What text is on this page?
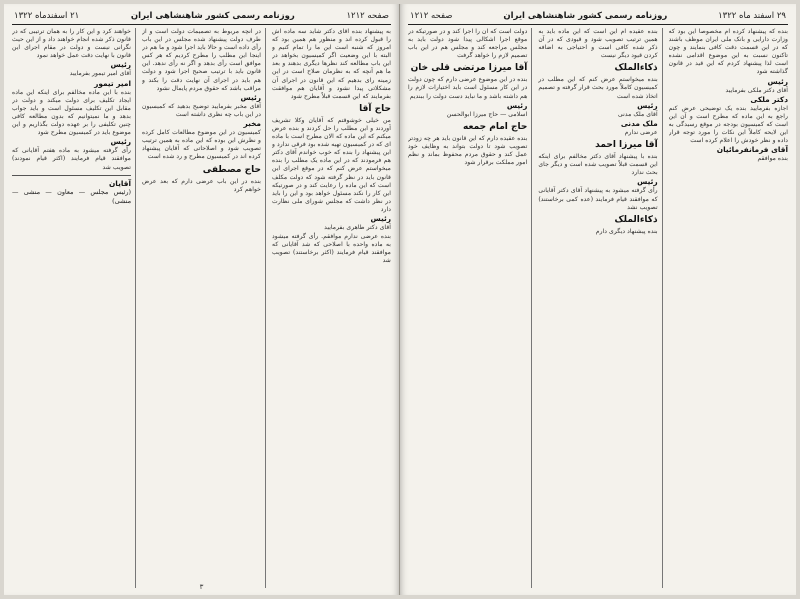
صفحه ۱۲۱۲
روزنامه رسمی کشور شاهنشاهی ایران
۲۱ اسفندماه ۱۳۲۲

به پیشنهاد بنده آقای دکتر شاید سه ماده اش را قبول کرده اند و منظور هم همین بود که امروز که شنبه است این ما را تمام کنیم و البته با این وضعیت اگر کمیسیون بخواهد در این باب مطالعه کند نظرها دیگری بدهند و بعد ما هم آنچه که به نظرمان صلاح است در این زمینه رای بدهیم که این قانون در اجرای آن مشکلاتی پیدا نشود و آقایان هم موافقت بفرمایند که این قسمت قبلاً مطرح شود

حاج آقا

من خیلی خوشوقتم که آقایان وکلا تشریف آوردند و این مطلب را حل کردند و بنده عرض میکنم که این ماده که الان مطرح است با ماده ای که در کمیسیون تهیه شده بود فرقی ندارد و این پیشنهاد را بنده که خوب خواندم آقای دکتر هم فرمودند که در این ماده یک مطلب را بنده میخواستم عرض کنم که در موقع اجرای این قانون باید در نظر گرفته شود که دولت مکلف است که این ماده را رعایت کند و در صورتیکه این کار را نکند مسئول خواهد بود و این را باید در نظر داشت که مجلس شورای ملی نظارت دارد

رئیس

آقای دکتر طاهری بفرمایید

بنده عرضی ندارم موافقم. رأی گرفته میشود به ماده واحده با اصلاحی که شد آقایانی که موافقند قیام فرمایند (اکثر برخاستند) تصویب شد

در آنچه مربوط به تصمیمات دولت است و از طرف دولت پیشنهاد شده مجلس در این باب رأی داده است و حالا باید اجرا شود و ما هم در اینجا این مطلب را مطرح کردیم که هر کس موافق است رأی بدهد و اگر نه رأی ندهد. این قانون باید با ترتیب صحیح اجرا شود و دولت هم باید در اجرای آن نهایت دقت را بکند و مراقب باشد که حقوق مردم پایمال نشود

رئیس

آقای مخبر بفرمایید توضیح بدهید که کمیسیون در این باب چه نظری داشته است

مخبر

کمیسیون در این موضوع مطالعات کامل کرده و نظرش این بوده که این ماده به همین ترتیب تصویب شود و اصلاحاتی که آقایان پیشنهاد کرده اند در کمیسیون مطرح و رد شده است

حاج مصطفی

بنده در این باب عرضی دارم که بعد عرض خواهم کرد

خواهند کرد و این کار را به همان ترتیبی که در قانون ذکر شده انجام خواهند داد و از این حیث نگرانی نیست و دولت در مقام اجرای این قانون با نهایت دقت عمل خواهد نمود

رئیس

آقای امیر تیمور بفرمایید

امیر تیمور

بنده با این ماده مخالفم برای اینکه این ماده ایجاد تکلیف برای دولت میکند و دولت در مقابل این تکلیف مسئول است و باید جواب بدهد و ما نمیتوانیم که بدون مطالعه کافی چنین تکلیفی را بر عهده دولت بگذاریم و این موضوع باید در کمیسیون مطرح شود

رئیس

رأی گرفته میشود به ماده هفتم آقایانی که موافقند قیام فرمایند (اکثر قیام نمودند) تصویب شد

آقایان
(رئیس مجلس — معاون — منشی — منشی)
۳
۲۹ اسفند ماه ۱۳۲۲
روزنامه رسمی کشور شاهنشاهی ایران
صفحه ۱۲۱۲

بنده که پیشنهاد کرده ام مخصوصاً این بود که وزارت دارایی و بانک ملی ایران موظف باشند که در این قسمت دقت کافی بنمایند و چون تاکنون نسبت به این موضوع اقدامی نشده است لذا پیشنهاد کردم که این قید در قانون گذاشته شود

رئیس

آقای دکتر ملکی بفرمایید

دکتر ملکی

اجازه بفرمایید بنده یک توضیحی عرض کنم راجع به این ماده که مطرح است و آن این است که کمیسیون بودجه در موقع رسیدگی به این لایحه کاملاً این نکات را مورد توجه قرار داده و نظر خودش را اعلام کرده است

آقای فرمانفرمائیان

بنده موافقم

بنده عقیده ام این است که این ماده باید به همین ترتیب تصویب شود و قیودی که در آن ذکر شده کافی است و احتیاجی به اضافه کردن قیود دیگر نیست

ذکاءالملک

بنده میخواستم عرض کنم که این مطلب در کمیسیون کاملاً مورد بحث قرار گرفته و تصمیم اتخاذ شده است

رئیس

آقای ملک مدنی

ملک مدنی

عرضی ندارم

آقا میرزا احمد

بنده با پیشنهاد آقای دکتر مخالفم برای اینکه این قسمت قبلاً تصویب شده است و دیگر جای بحث ندارد

رئیس

رأی گرفته میشود به پیشنهاد آقای دکتر آقایانی که موافقند قیام فرمایند (عده کمی برخاستند) تصویب نشد

ذکاءالملک

بنده پیشنهاد دیگری دارم

دولت است که آن را اجرا کند و در صورتیکه در موقع اجرا اشکالی پیدا شود دولت باید به مجلس مراجعه کند و مجلس هم در این باب تصمیم لازم را خواهد گرفت

آقا میرزا مرتضی قلی خان

بنده در این موضوع عرضی دارم که چون دولت در این کار مسئول است باید اختیارات لازم را هم داشته باشد و ما نباید دست دولت را ببندیم

رئیس

اسلامی — حاج میرزا ابوالحسن

حاج امام جمعه

بنده عقیده دارم که این قانون باید هر چه زودتر تصویب شود تا دولت بتواند به وظایف خود عمل کند و حقوق مردم محفوظ بماند و نظم امور مملکت برقرار شود
